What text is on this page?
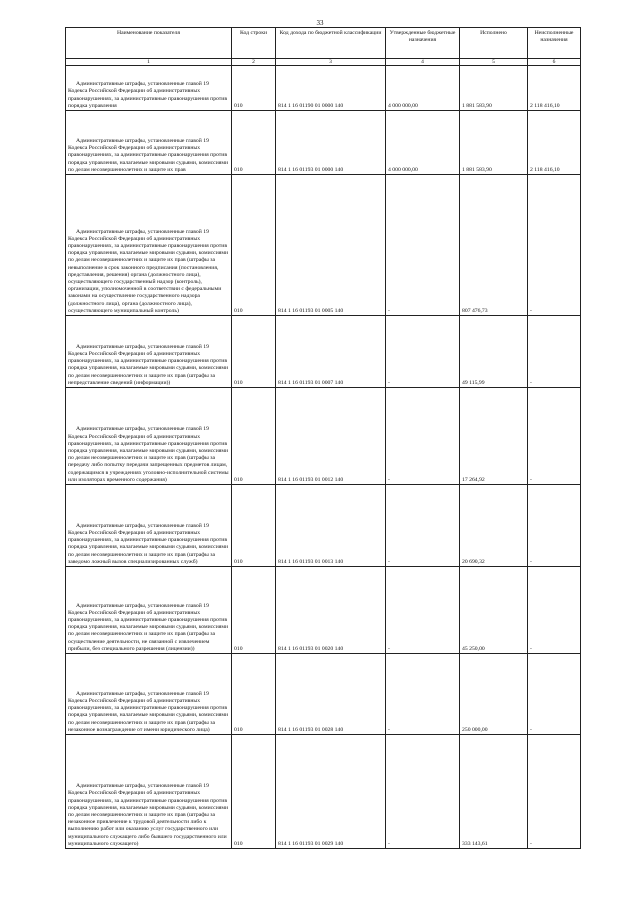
33
Наименование показателя	Код строки	Код дохода по бюджетной классификации	Утвержденные бюджетные назначения	Исполнено	Неисполненные назначения
1	2	3	4	5	6
Административные штрафы, установленные главой 19 Кодекса Российской Федерации об административных правонарушениях, за административные правонарушения против порядка управления	010	814 1 16 01190 01 0000 140	4 000 000,00	1 881 583,90	2 118 416,10
Административные штрафы, установленные главой 19 Кодекса Российской Федерации об административных правонарушениях, за административные правонарушения против порядка управления, налагаемые мировыми судьями, комиссиями по делам несовершеннолетних и защите их прав	010	814 1 16 01193 01 0000 140	4 000 000,00	1 881 583,90	2 118 416,10
Административные штрафы, установленные главой 19 Кодекса Российской Федерации об административных правонарушениях, за административные правонарушения против порядка управления, налагаемые мировыми судьями, комиссиями по делам несовершеннолетних и защите их прав (штрафы за невыполнение в срок законного предписания (постановления, представления, решения) органа (должностного лица), осуществляющего государственный надзор (контроль), организации, уполномоченной в соответствии с федеральными законами на осуществление государственного надзора (должностного лица), органа (должностного лица), осуществляющего муниципальный контроль)	010	814 1 16 01193 01 0005 140	-	807 476,73	-
Административные штрафы, установленные главой 19 Кодекса Российской Федерации об административных правонарушениях, за административные правонарушения против порядка управления, налагаемые мировыми судьями, комиссиями по делам несовершеннолетних и защите их прав (штрафы за непредставление сведений (информации))	010	814 1 16 01193 01 0007 140	-	49 115,99	-
Административные штрафы, установленные главой 19 Кодекса Российской Федерации об административных правонарушениях, за административные правонарушения против порядка управления, налагаемые мировыми судьями, комиссиями по делам несовершеннолетних и защите их прав (штрафы за передачу либо попытку передачи запрещенных предметов лицам, содержащимся в учреждениях уголовно-исполнительной системы или изоляторах временного содержания)	010	814 1 16 01193 01 0012 140	-	17 264,92	-
Административные штрафы, установленные главой 19 Кодекса Российской Федерации об административных правонарушениях, за административные правонарушения против порядка управления, налагаемые мировыми судьями, комиссиями по делам несовершеннолетних и защите их прав (штрафы за заведомо ложный вызов специализированных служб)	010	814 1 16 01193 01 0013 140	-	20 690,32	-
Административные штрафы, установленные главой 19 Кодекса Российской Федерации об административных правонарушениях, за административные правонарушения против порядка управления, налагаемые мировыми судьями, комиссиями по делам несовершеннолетних и защите их прав (штрафы за осуществление деятельности, не связанной с извлечением прибыли, без специального разрешения (лицензии))	010	814 1 16 01193 01 0020 140	-	45 250,00	-
Административные штрафы, установленные главой 19 Кодекса Российской Федерации об административных правонарушениях, за административные правонарушения против порядка управления, налагаемые мировыми судьями, комиссиями по делам несовершеннолетних и защите их прав (штрафы за незаконное вознаграждение от имени юридического лица)	010	814 1 16 01193 01 0028 140	-	250 000,00	-
Административные штрафы, установленные главой 19 Кодекса Российской Федерации об административных правонарушениях, за административные правонарушения против порядка управления, налагаемые мировыми судьями, комиссиями по делам несовершеннолетних и защите их прав (штрафы за незаконное привлечение к трудовой деятельности либо к выполнению работ или оказанию услуг государственного или муниципального служащего либо бывшего государственного или муниципального служащего)	010	814 1 16 01193 01 0029 140	-	333 143,61	-
